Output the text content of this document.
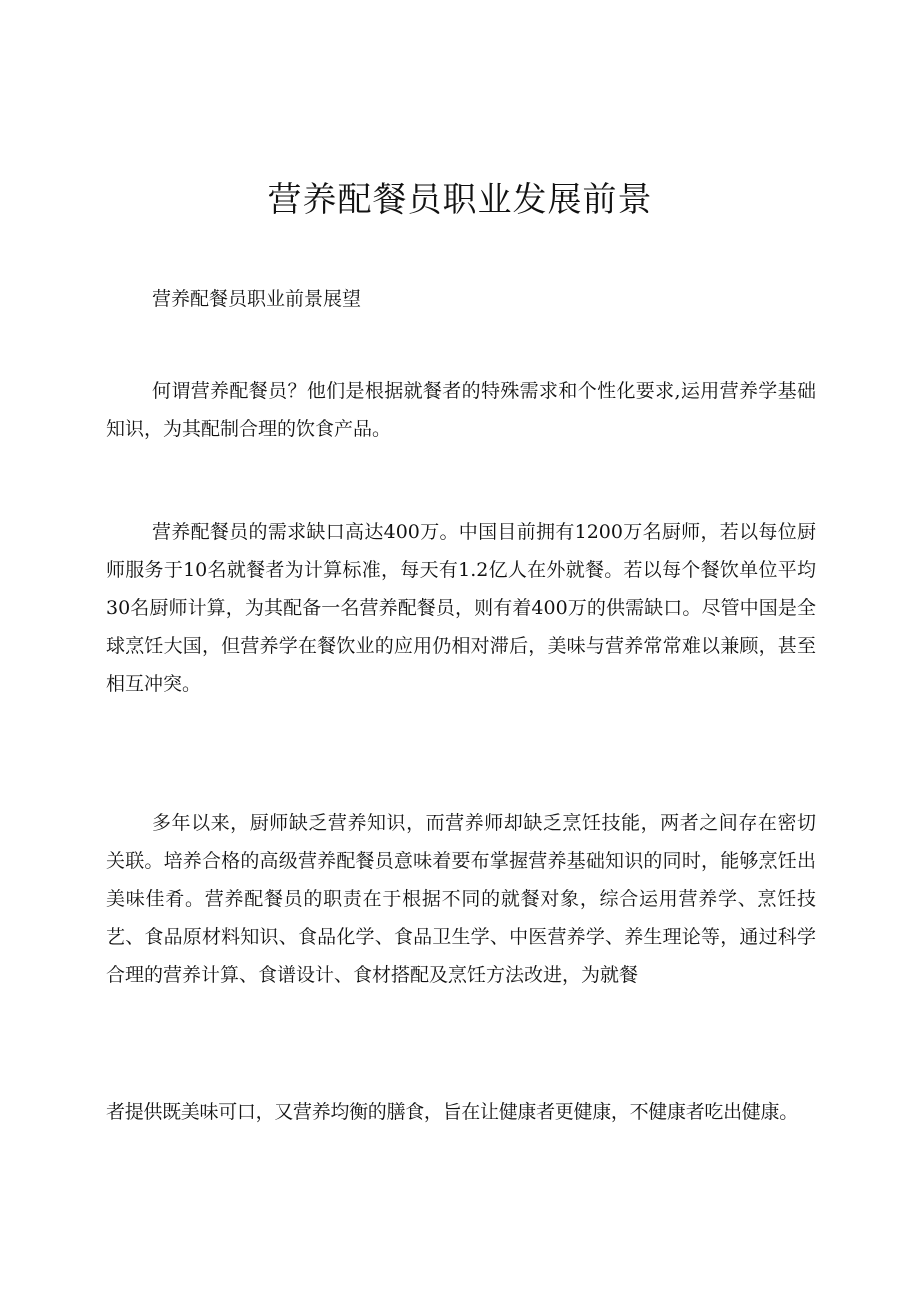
营养配餐员职业发展前景

营养配餐员职业前景展望

何谓营养配餐员？他们是根据就餐者的特殊需求和个性化要求,运用营养学基础知识，为其配制合理的饮食产品。

营养配餐员的需求缺口高达400万。中国目前拥有1200万名厨师，若以每位厨师服务于10名就餐者为计算标准，每天有1.2亿人在外就餐。若以每个餐饮单位平均30名厨师计算，为其配备一名营养配餐员，则有着400万的供需缺口。尽管中国是全球烹饪大国，但营养学在餐饮业的应用仍相对滞后，美味与营养常常难以兼顾，甚至相互冲突。

多年以来，厨师缺乏营养知识，而营养师却缺乏烹饪技能，两者之间存在密切关联。培养合格的高级营养配餐员意味着要布掌握营养基础知识的同时，能够烹饪出美味佳肴。营养配餐员的职责在于根据不同的就餐对象，综合运用营养学、烹饪技艺、食品原材料知识、食品化学、食品卫生学、中医营养学、养生理论等，通过科学合理的营养计算、食谱设计、食材搭配及烹饪方法改进，为就餐

者提供既美味可口，又营养均衡的膳食，旨在让健康者更健康，不健康者吃出健康。
